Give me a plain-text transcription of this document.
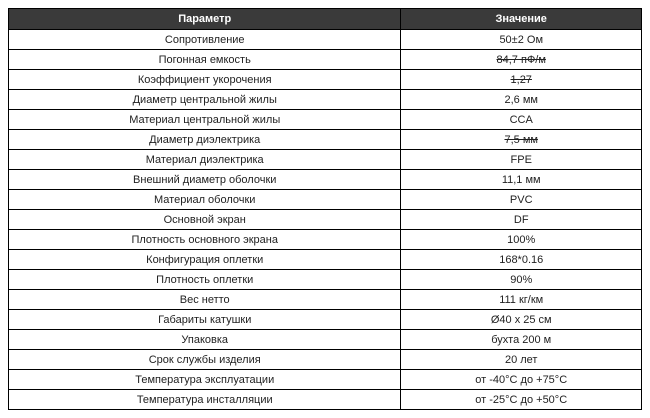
Параметр	Значение
Сопротивление	50±2 Ом
Погонная емкость	84,7 пФ/м
Коэффициент укорочения	1,27
Диаметр центральной жилы	2,6 мм
Материал центральной жилы	CCA
Диаметр диэлектрика	7,5 мм
Материал диэлектрика	FPE
Внешний диаметр оболочки	11,1 мм
Материал оболочки	PVC
Основной экран	DF
Плотность основного экрана	100%
Конфигурация оплетки	168*0.16
Плотность оплетки	90%
Вес нетто	111 кг/км
Габариты катушки	Ø40 x 25 см
Упаковка	бухта 200 м
Срок службы изделия	20 лет
Температура эксплуатации	от -40°C до +75°C
Температура инсталляции	от -25°C до +50°C
